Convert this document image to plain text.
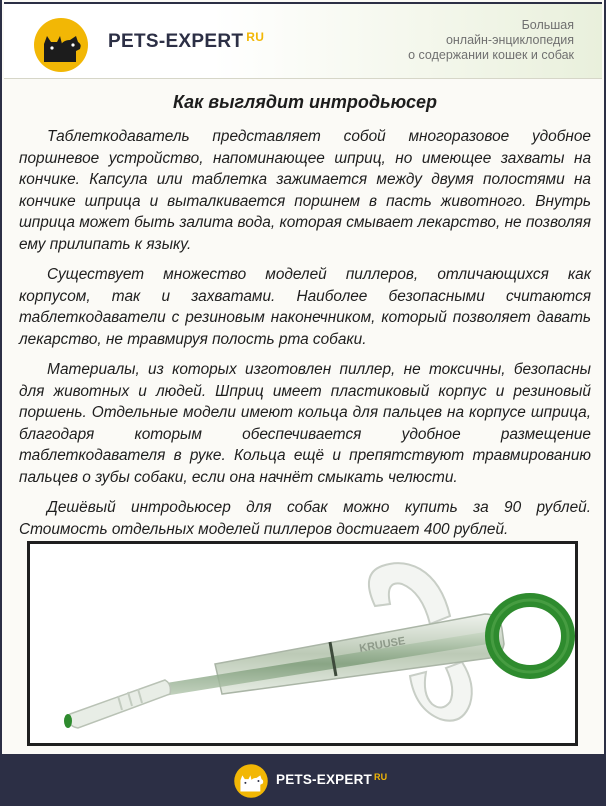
PETS-EXPERT $^{RU}$
Большая
онлайн-энциклопедия
о содержании кошек и собак
Как выглядит интродьюсер

Таблеткодаватель представляет собой многоразовое удобное поршневое устройство, напоминающее шприц, но имеющее захваты на кончике. Капсула или таблетка зажимается между двумя полостями на кончике шприца и выталкивается поршнем в пасть животного. Внутрь шприца может быть залита вода, которая смывает лекарство, не позволяя ему прилипать к языку.

Существует множество моделей пиллеров, отличающихся как корпусом, так и захватами. Наиболее безопасными считаются таблеткодаватели с резиновым наконечником, который позволяет давать лекарство, не травмируя полость рта собаки.

Материалы, из которых изготовлен пиллер, не токсичны, безопасны для животных и людей. Шприц имеет пластиковый корпус и резиновый поршень. Отдельные модели имеют кольца для пальцев на корпусе шприца, благодаря которым обеспечивается удобное размещение таблеткодавателя в руке. Кольца ещё и препятствуют травмированию пальцев о зубы собаки, если она начнёт смыкать челюсти.

Дешёвый интродьюсер для собак можно купить за 90 рублей. Стоимость отдельных моделей пиллеров достигает 400 рублей.

KRUUSE
PETS-EXPERT $^{RU}$
